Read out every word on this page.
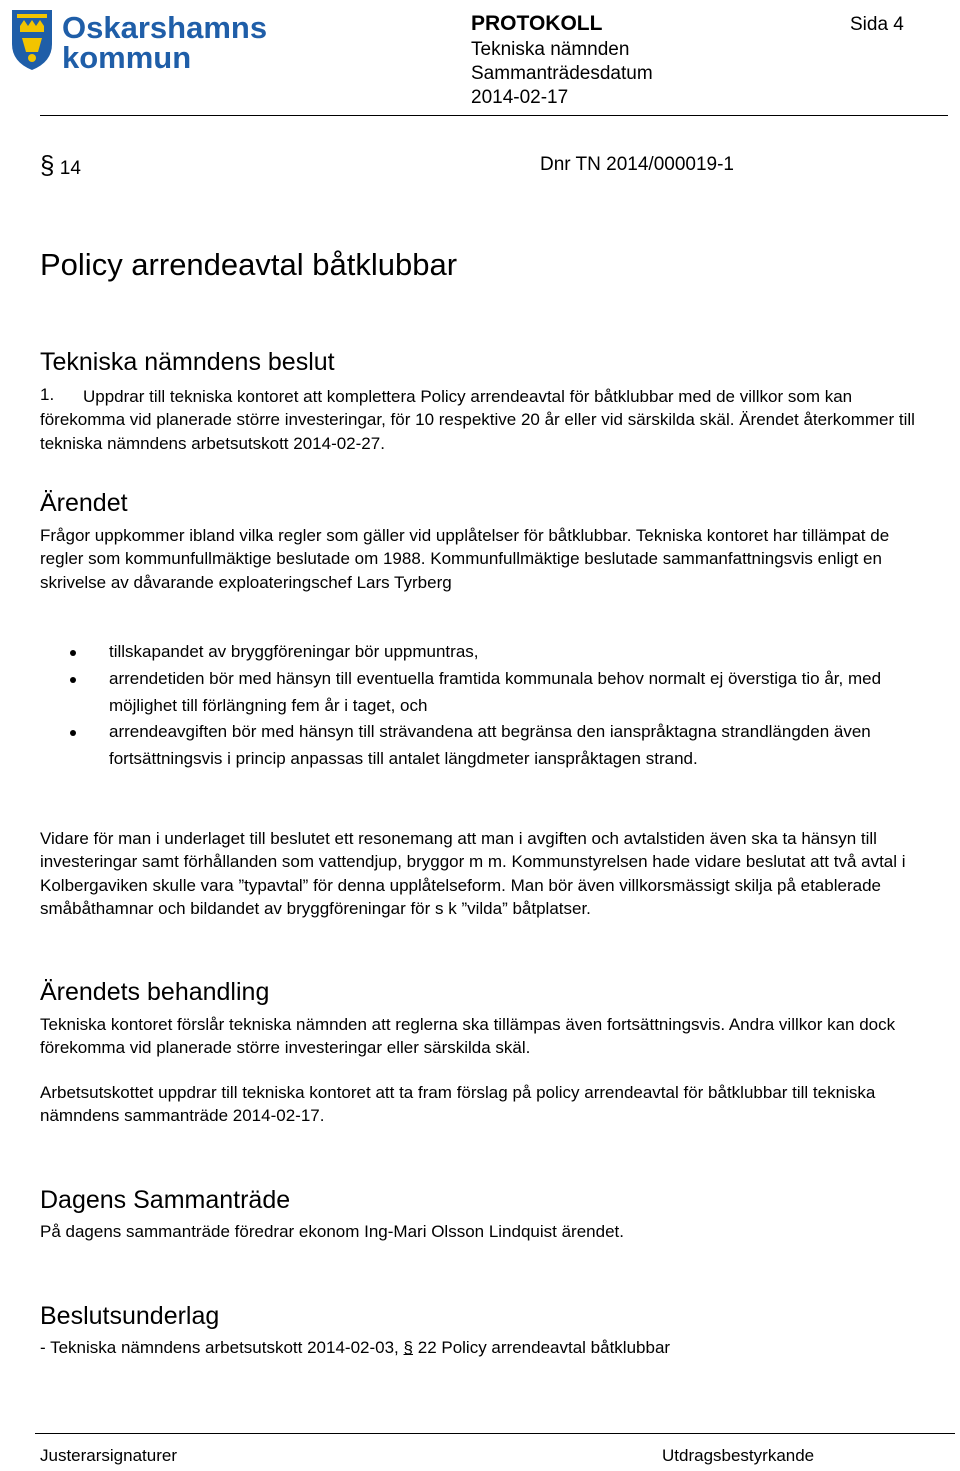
Oskarshamns
kommun
PROTOKOLL	Sida 4
Tekniska nämnden
Sammanträdesdatum
2014-02-17
§ 14	Dnr TN 2014/000019-1
Policy arrendeavtal båtklubbar
Tekniska nämndens beslut
1.	Uppdrar till tekniska kontoret att komplettera Policy arrendeavtal för båtklubbar med de villkor som kan förekomma vid planerade större investeringar, för 10 respektive 20 år eller vid särskilda skäl. Ärendet återkommer till tekniska nämndens arbetsutskott 2014-02-27.
Ärendet
Frågor uppkommer ibland vilka regler som gäller vid upplåtelser för båtklubbar. Tekniska kontoret har tillämpat de regler som kommunfullmäktige beslutade om 1988. Kommunfullmäktige beslutade sammanfattningsvis enligt en skrivelse av dåvarande exploateringschef Lars Tyrberg
tillskapandet av bryggföreningar bör uppmuntras,
arrendetiden bör med hänsyn till eventuella framtida kommunala behov normalt ej överstiga tio år, med möjlighet till förlängning fem år i taget, och
arrendeavgiften bör med hänsyn till strävandena att begränsa den ianspråktagna strandlängden även fortsättningsvis i princip anpassas till antalet längdmeter ianspråktagen strand.
Vidare för man i underlaget till beslutet ett resonemang att man i avgiften och avtalstiden även ska ta hänsyn till investeringar samt förhållanden som vattendjup, bryggor m m. Kommunstyrelsen hade vidare beslutat att två avtal i Kolbergaviken skulle vara ”typavtal” för denna upplåtelseform. Man bör även villkorsmässigt skilja på etablerade småbåthamnar och bildandet av bryggföreningar för s k ”vilda” båtplatser.
Ärendets behandling
Tekniska kontoret förslår tekniska nämnden att reglerna ska tillämpas även fortsättningsvis. Andra villkor kan dock förekomma vid planerade större investeringar eller särskilda skäl.
Arbetsutskottet uppdrar till tekniska kontoret att ta fram förslag på policy arrendeavtal för båtklubbar till tekniska nämndens sammanträde 2014-02-17.
Dagens Sammanträde
På dagens sammanträde föredrar ekonom Ing-Mari Olsson Lindquist ärendet.
Beslutsunderlag
- Tekniska nämndens arbetsutskott 2014-02-03, § 22 Policy arrendeavtal båtklubbar
Justerarsignaturer	Utdragsbestyrkande
